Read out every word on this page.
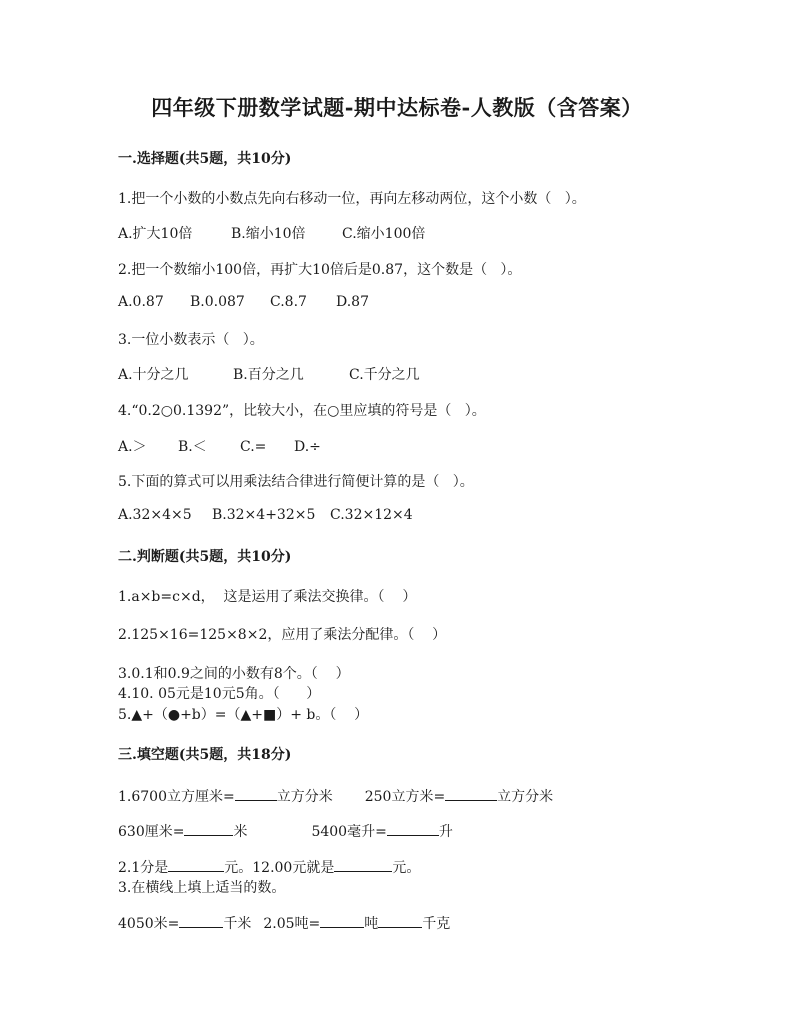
四年级下册数学试题-期中达标卷-人教版（含答案）
一.选择题(共5题，共10分)
1.把一个小数的小数点先向右移动一位，再向左移动两位，这个小数（   ）。
A.扩大10倍	B.缩小10倍	C.缩小100倍
2.把一个数缩小100倍，再扩大10倍后是0.87，这个数是（   ）。
A.0.87 B.0.087 C.8.7 D.87
3.一位小数表示（   ）。
A.十分之几	B.百分之几	C.千分之几
4.“0.2○0.1392”，比较大小，在○里应填的符号是（   ）。
A.＞ B.＜ C.= D.÷
5.下面的算式可以用乘法结合律进行简便计算的是（   ）。
A.32×4×5 B.32×4+32×5 C.32×12×4
二.判断题(共5题，共10分)
1.a×b=c×d，  这是运用了乘法交换律。（    ）
2.125×16=125×8×2，应用了乘法分配律。（    ）
3.0.1和0.9之间的小数有8个。（    ）
4.10. 05元是10元5角。（      ）
5.▲+（●+b）=（▲+■）+ b。（    ）
三.填空题(共5题，共18分)
1.6700立方厘米=	立方分米 250立方米=	立方分米
630厘米=	米	5400毫升=	升
2.1分是	元。12.00元就是	元。
3.在横线上填上适当的数。
4050米=	千米 2.05吨=	吨	千克
